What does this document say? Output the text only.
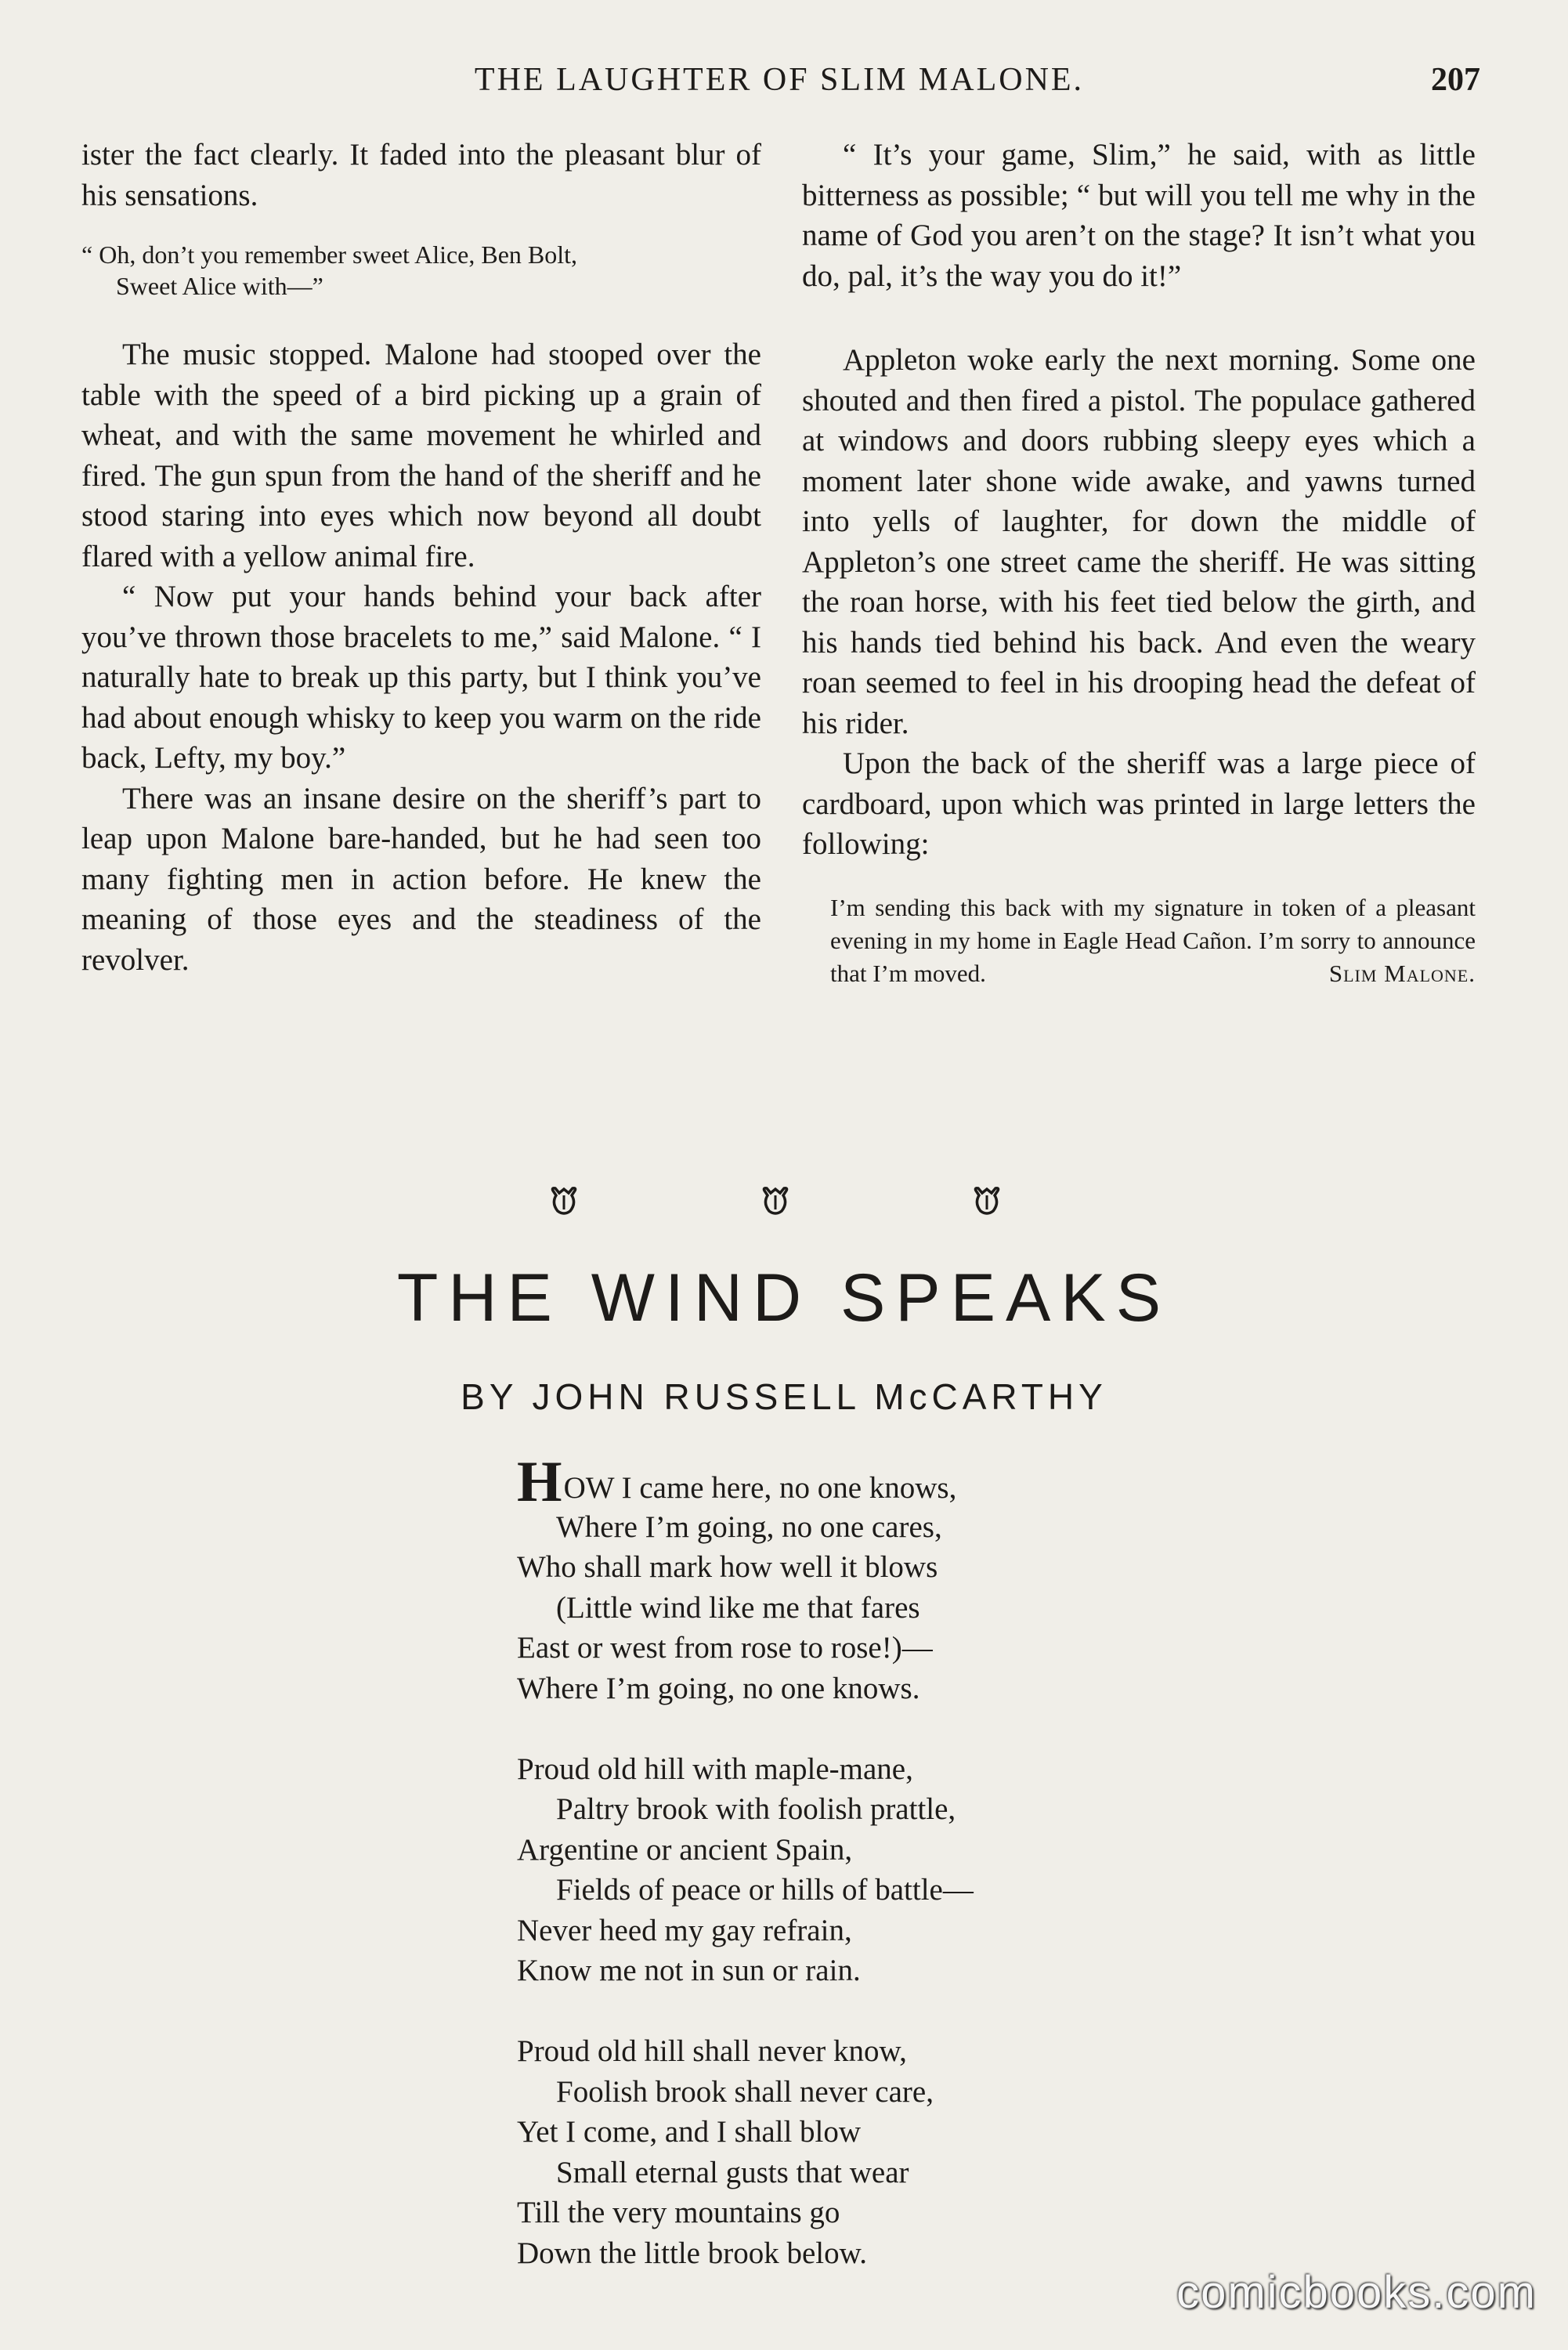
THE LAUGHTER OF SLIM MALONE.	207

ister the fact clearly. It faded into the pleasant blur of his sensations.

“ Oh, don’t you remember sweet Alice, Ben Bolt,
Sweet Alice with—”

The music stopped. Malone had stooped over the table with the speed of a bird picking up a grain of wheat, and with the same movement he whirled and fired. The gun spun from the hand of the sheriff and he stood staring into eyes which now beyond all doubt flared with a yellow animal fire.

“ Now put your hands behind your back after you’ve thrown those bracelets to me,” said Malone. “ I naturally hate to break up this party, but I think you’ve had about enough whisky to keep you warm on the ride back, Lefty, my boy.”

There was an insane desire on the sheriff’s part to leap upon Malone bare-handed, but he had seen too many fighting men in action before. He knew the meaning of those eyes and the steadiness of the revolver.

“ It’s your game, Slim,” he said, with as little bitterness as possible; “ but will you tell me why in the name of God you aren’t on the stage? It isn’t what you do, pal, it’s the way you do it!”

Appleton woke early the next morning. Some one shouted and then fired a pistol. The populace gathered at windows and doors rubbing sleepy eyes which a moment later shone wide awake, and yawns turned into yells of laughter, for down the middle of Appleton’s one street came the sheriff. He was sitting the roan horse, with his feet tied below the girth, and his hands tied behind his back. And even the weary roan seemed to feel in his drooping head the defeat of his rider.

Upon the back of the sheriff was a large piece of cardboard, upon which was printed in large letters the following:

I’m sending this back with my signature in token of a pleasant evening in my home in Eagle Head Cañon. I’m sorry to announce that I’m moved.	Slim Malone.
THE WIND SPEAKS
BY JOHN RUSSELL McCARTHY
HOW I came here, no one knows,
Where I’m going, no one cares,
Who shall mark how well it blows
(Little wind like me that fares
East or west from rose to rose!)—
Where I’m going, no one knows.
Proud old hill with maple-mane,
Paltry brook with foolish prattle,
Argentine or ancient Spain,
Fields of peace or hills of battle—
Never heed my gay refrain,
Know me not in sun or rain.
Proud old hill shall never know,
Foolish brook shall never care,
Yet I come, and I shall blow
Small eternal gusts that wear
Till the very mountains go
Down the little brook below.
comicbooks.com
